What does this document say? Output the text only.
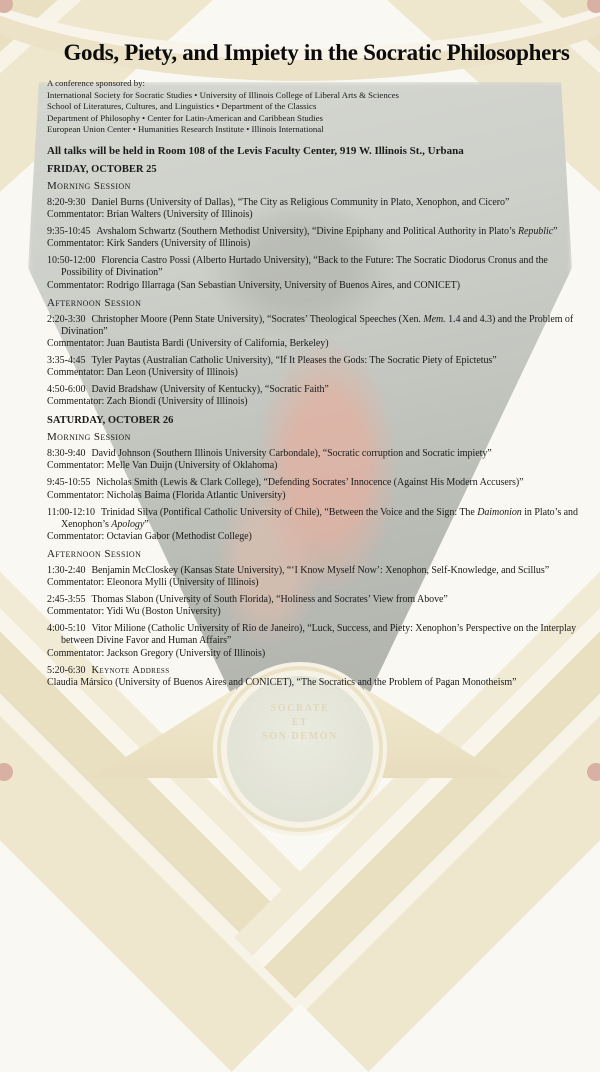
SOCRATE
ET
SON DEMON
Gods, Piety, and Impiety in the Socratic Philosophers
A conference sponsored by:
International Society for Socratic Studies • University of Illinois College of Liberal Arts & Sciences
School of Literatures, Cultures, and Linguistics • Department of the Classics
Department of Philosophy • Center for Latin-American and Caribbean Studies
European Union Center • Humanities Research Institute • Illinois International
All talks will be held in Room 108 of the Levis Faculty Center, 919 W. Illinois St., Urbana
FRIDAY, OCTOBER 25
Morning Session

8:20-9:30 Daniel Burns (University of Dallas), “The City as Religious Community in Plato, Xenophon, and Cicero”

Commentator: Brian Walters (University of Illinois)

9:35-10:45 Avshalom Schwartz (Southern Methodist University), “Divine Epiphany and Political Authority in Plato’s Republic”

Commentator: Kirk Sanders (University of Illinois)

10:50-12:00 Florencia Castro Possi (Alberto Hurtado University), “Back to the Future: The Socratic Diodorus Cronus and the Possibility of Divination”

Commentator: Rodrigo Illarraga (San Sebastian University, University of Buenos Aires, and CONICET)

Afternoon Session

2:20-3:30 Christopher Moore (Penn State University), “Socrates’ Theological Speeches (Xen. Mem. 1.4 and 4.3) and the Problem of Divination”

Commentator: Juan Bautista Bardi (University of California, Berkeley)

3:35-4:45 Tyler Paytas (Australian Catholic University), “If It Pleases the Gods: The Socratic Piety of Epictetus”

Commentator: Dan Leon (University of Illinois)

4:50-6:00 David Bradshaw (University of Kentucky), “Socratic Faith”

Commentator: Zach Biondi (University of Illinois)

SATURDAY, OCTOBER 26
Morning Session

8:30-9:40 David Johnson (Southern Illinois University Carbondale), “Socratic corruption and Socratic impiety”

Commentator: Melle Van Duijn (University of Oklahoma)

9:45-10:55 Nicholas Smith (Lewis & Clark College), “Defending Socrates’ Innocence (Against His Modern Accusers)”

Commentator: Nicholas Baima (Florida Atlantic University)

11:00-12:10 Trinidad Silva (Pontifical Catholic University of Chile), “Between the Voice and the Sign: The Daimonion in Plato’s and Xenophon’s Apology”

Commentator: Octavian Gabor (Methodist College)

Afternoon Session

1:30-2:40 Benjamin McCloskey (Kansas State University), “‘I Know Myself Now’: Xenophon, Self-Knowledge, and Scillus”

Commentator: Eleonora Mylli (University of Illinois)

2:45-3:55 Thomas Slabon (University of South Florida), “Holiness and Socrates’ View from Above”

Commentator: Yidi Wu (Boston University)

4:00-5:10 Vitor Milione (Catholic University of Rio de Janeiro), “Luck, Success, and Piety: Xenophon’s Perspective on the Interplay between Divine Favor and Human Affairs”

Commentator: Jackson Gregory (University of Illinois)

5:20-6:30 Keynote Address

Claudia Mársico (University of Buenos Aires and CONICET), “The Socratics and the Problem of Pagan Monotheism”
